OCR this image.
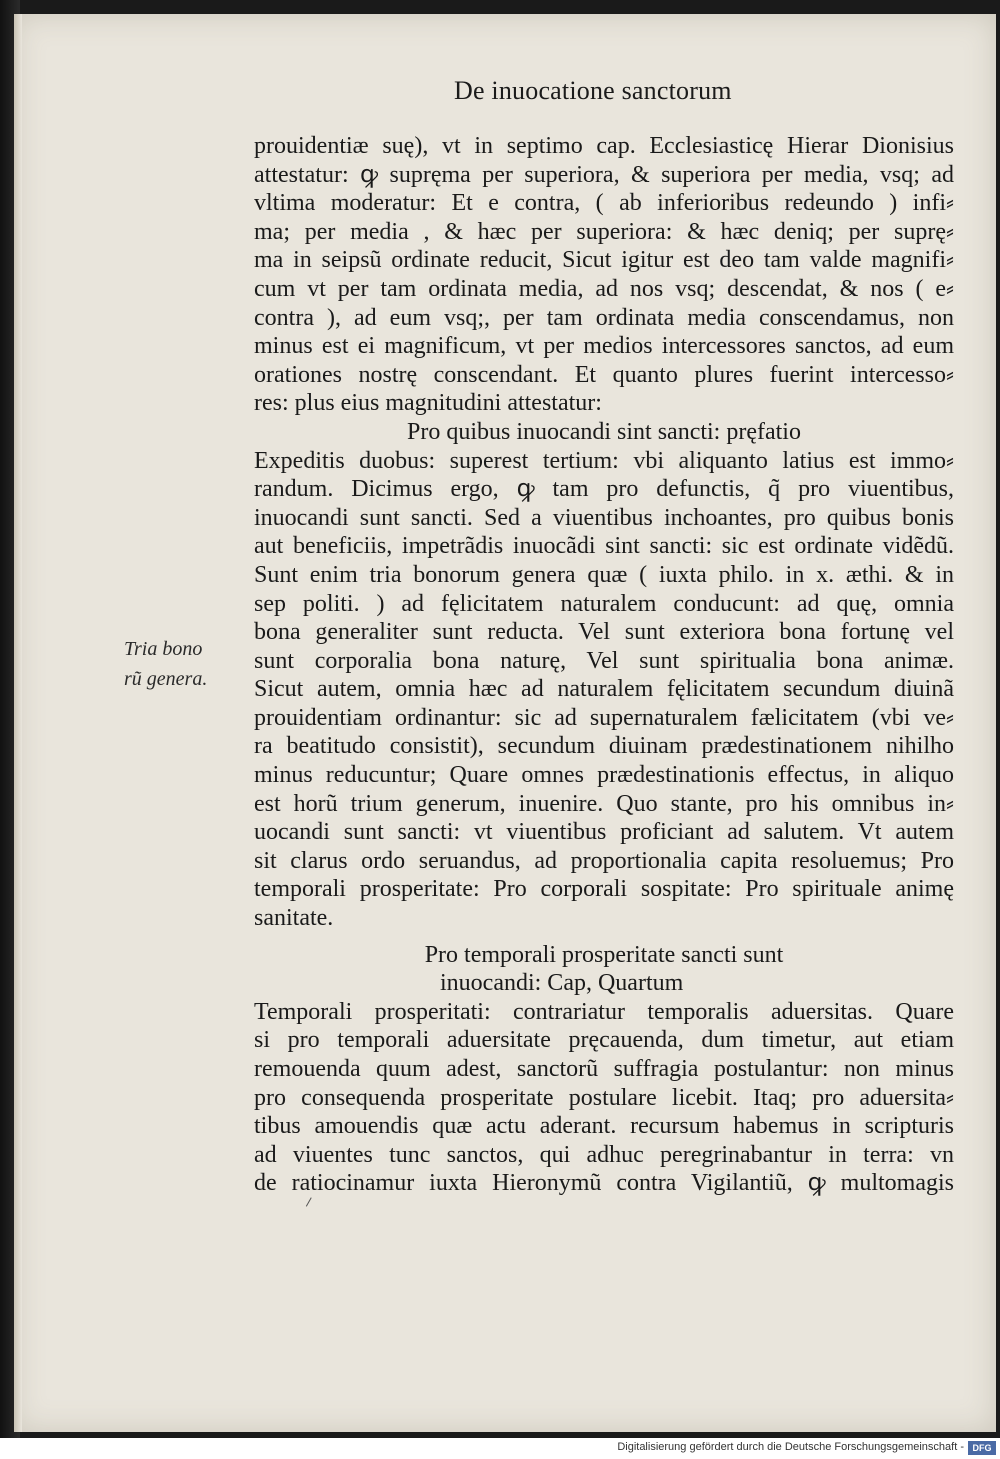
De inuocatione sanctorum
Tria bono
rũ genera.
prouidentiæ suę), vt in septimo cap. Ecclesiasticę Hierar Dionisius
attestatur: ꝙ supręma per superiora, & superiora per media, vsq; ad
vltima moderatur: Et e contra, ( ab inferioribus redeundo ) infi⸗
ma; per media , & hæc per superiora: & hæc deniq; per suprę⸗
ma in seipsũ ordinate reducit, Sicut igitur est deo tam valde magnifi⸗
cum vt per tam ordinata media, ad nos vsq; descendat, & nos ( e⸗
contra ), ad eum vsq;, per tam ordinata media conscendamus, non
minus est ei magnificum, vt per medios intercessores sanctos, ad eum
orationes nostrę conscendant. Et quanto plures fuerint intercesso⸗
res: plus eius magnitudini attestatur:
Pro quibus inuocandi sint sancti: pręfatio
Expeditis duobus: superest tertium: vbi aliquanto latius est immo⸗
randum. Dicimus ergo, ꝙ tam pro defunctis, q̃ pro viuentibus,
inuocandi sunt sancti. Sed a viuentibus inchoantes, pro quibus bonis
aut beneficiis, impetrãdis inuocãdi sint sancti: sic est ordinate vidẽdũ.
Sunt enim tria bonorum genera quæ ( iuxta philo. in x. æthi. & in
sep politi. ) ad fęlicitatem naturalem conducunt: ad quę, omnia
bona generaliter sunt reducta. Vel sunt exteriora bona fortunę vel
sunt corporalia bona naturę, Vel sunt spiritualia bona animæ.
Sicut autem, omnia hæc ad naturalem fęlicitatem secundum diuinã
prouidentiam ordinantur: sic ad supernaturalem fælicitatem (vbi ve⸗
ra beatitudo consistit), secundum diuinam prædestinationem nihilho
minus reducuntur; Quare omnes prædestinationis effectus, in aliquo
est horũ trium generum, inuenire. Quo stante, pro his omnibus in⸗
uocandi sunt sancti: vt viuentibus proficiant ad salutem. Vt autem
sit clarus ordo seruandus, ad proportionalia capita resoluemus; Pro
temporali prosperitate: Pro corporali sospitate: Pro spirituale animę
sanitate.
Pro temporali prosperitate sancti sunt
inuocandi: Cap, Quartum
Temporali prosperitati: contrariatur temporalis aduersitas. Quare
si pro temporali aduersitate pręcauenda, dum timetur, aut etiam
remouenda quum adest, sanctorũ suffragia postulantur: non minus
pro consequenda prosperitate postulare licebit. Itaq; pro aduersita⸗
tibus amouendis quæ actu aderant. recursum habemus in scripturis
ad viuentes tunc sanctos, qui adhuc peregrinabantur in terra: vn
de ratiocinamur iuxta Hieronymũ contra Vigilantiũ, ꝙ multomagis
Digitalisierung gefördert durch die Deutsche Forschungsgemeinschaft - DFG
